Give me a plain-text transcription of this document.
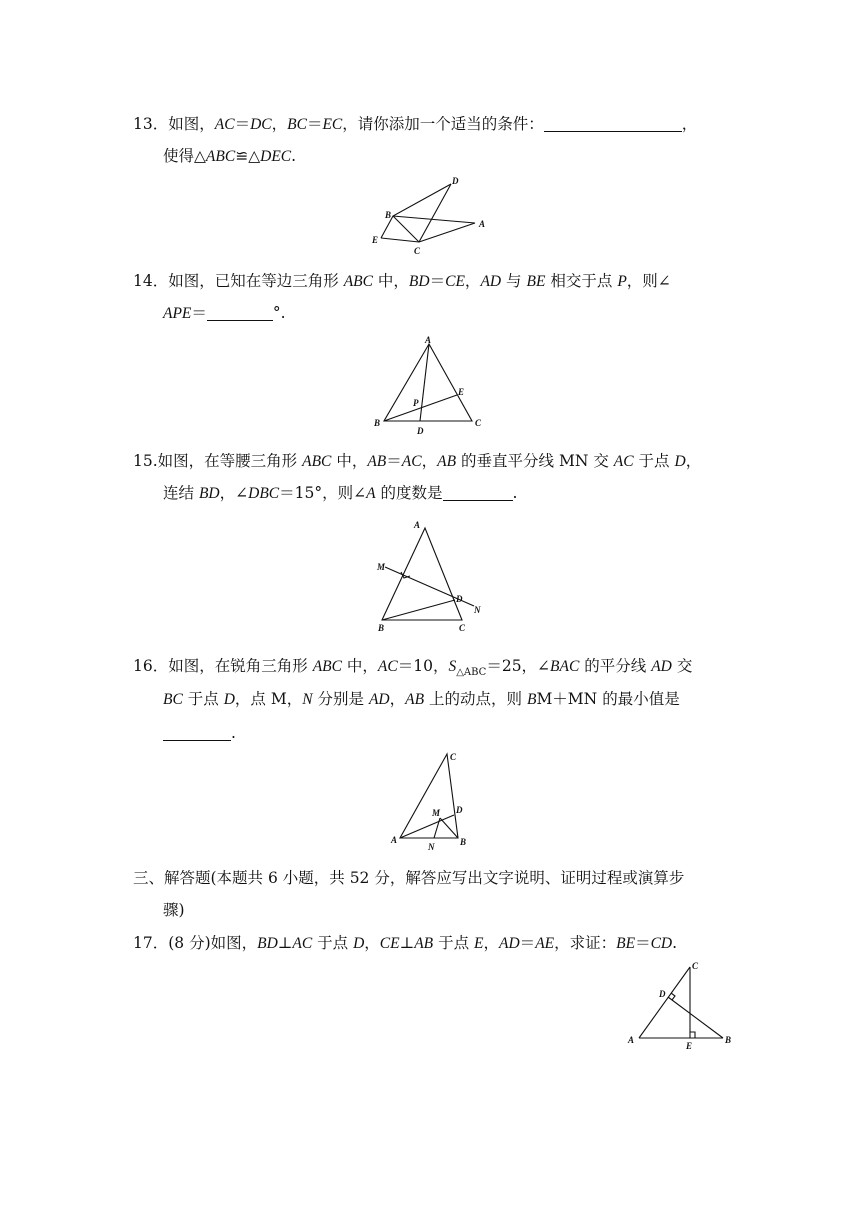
13．如图，AC＝DC，BC＝EC，请你添加一个适当的条件：	，
使得△ABC≌△DEC.
D
B
A
E
C
14．如图，已知在等边三角形 ABC 中，BD＝CE，AD 与 BE 相交于点 P，则∠
APE＝	°.
A
E
P
B
D
C
15.如图，在等腰三角形 ABC 中，AB＝AC，AB 的垂直平分线 MN 交 AC 于点 D，
连结 BD，∠DBC＝15°，则∠A 的度数是	.
A
M
D
N
B	C
16．如图，在锐角三角形 ABC 中，AC＝10，$S_{\triangle ABC}=25$，∠BAC 的平分线 AD 交
BC 于点 D，点 M，N 分别是 AD，AB 上的动点，则 BM＋MN 的最小值是
.
C
M D
A
N	B
三、解答题(本题共 6 小题，共 52 分，解答应写出文字说明、证明过程或演算步
骤)
17．(8 分)如图，BD⊥AC 于点 D，CE⊥AB 于点 E，AD＝AE，求证：BE＝CD.
C
D
A
E
B
